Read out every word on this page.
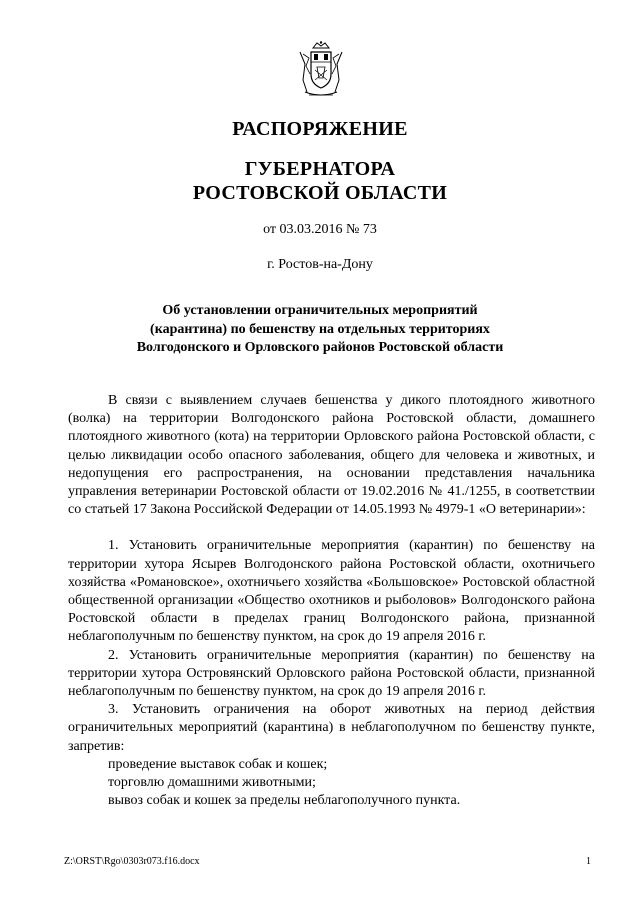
РАСПОРЯЖЕНИЕ
ГУБЕРНАТОРА
РОСТОВСКОЙ ОБЛАСТИ
от 03.03.2016 № 73
г. Ростов-на-Дону
Об установлении ограничительных мероприятий
(карантина) по бешенству на отдельных территориях
Волгодонского и Орловского районов Ростовской области

В связи с выявлением случаев бешенства у дикого плотоядного животного (волка) на территории Волгодонского района Ростовской области, домашнего плотоядного животного (кота) на территории Орловского района Ростовской области, с целью ликвидации особо опасного заболевания, общего для человека и животных, и недопущения его распространения, на основании представления начальника управления ветеринарии Ростовской области от 19.02.2016 № 41./1255, в соответствии со статьей 17 Закона Российской Федерации от 14.05.1993 № 4979-1 «О ветеринарии»:

1. Установить ограничительные мероприятия (карантин) по бешенству на территории хутора Ясырев Волгодонского района Ростовской области, охотничьего хозяйства «Романовское», охотничьего хозяйства «Большовское» Ростовской областной общественной организации «Общество охотников и рыболовов» Волгодонского района Ростовской области в пределах границ Волгодонского района, признанной неблагополучным по бешенству пунктом, на срок до 19 апреля 2016 г.

2. Установить ограничительные мероприятия (карантин) по бешенству на территории хутора Островянский Орловского района Ростовской области, признанной неблагополучным по бешенству пунктом, на срок до 19 апреля 2016 г.

3. Установить ограничения на оборот животных на период действия ограничительных мероприятий (карантина) в неблагополучном по бешенству пункте, запретив:

проведение выставок собак и кошек;

торговлю домашними животными;

вывоз собак и кошек за пределы неблагополучного пункта.

Z:\ORST\Rgo\0303r073.f16.docx	1
